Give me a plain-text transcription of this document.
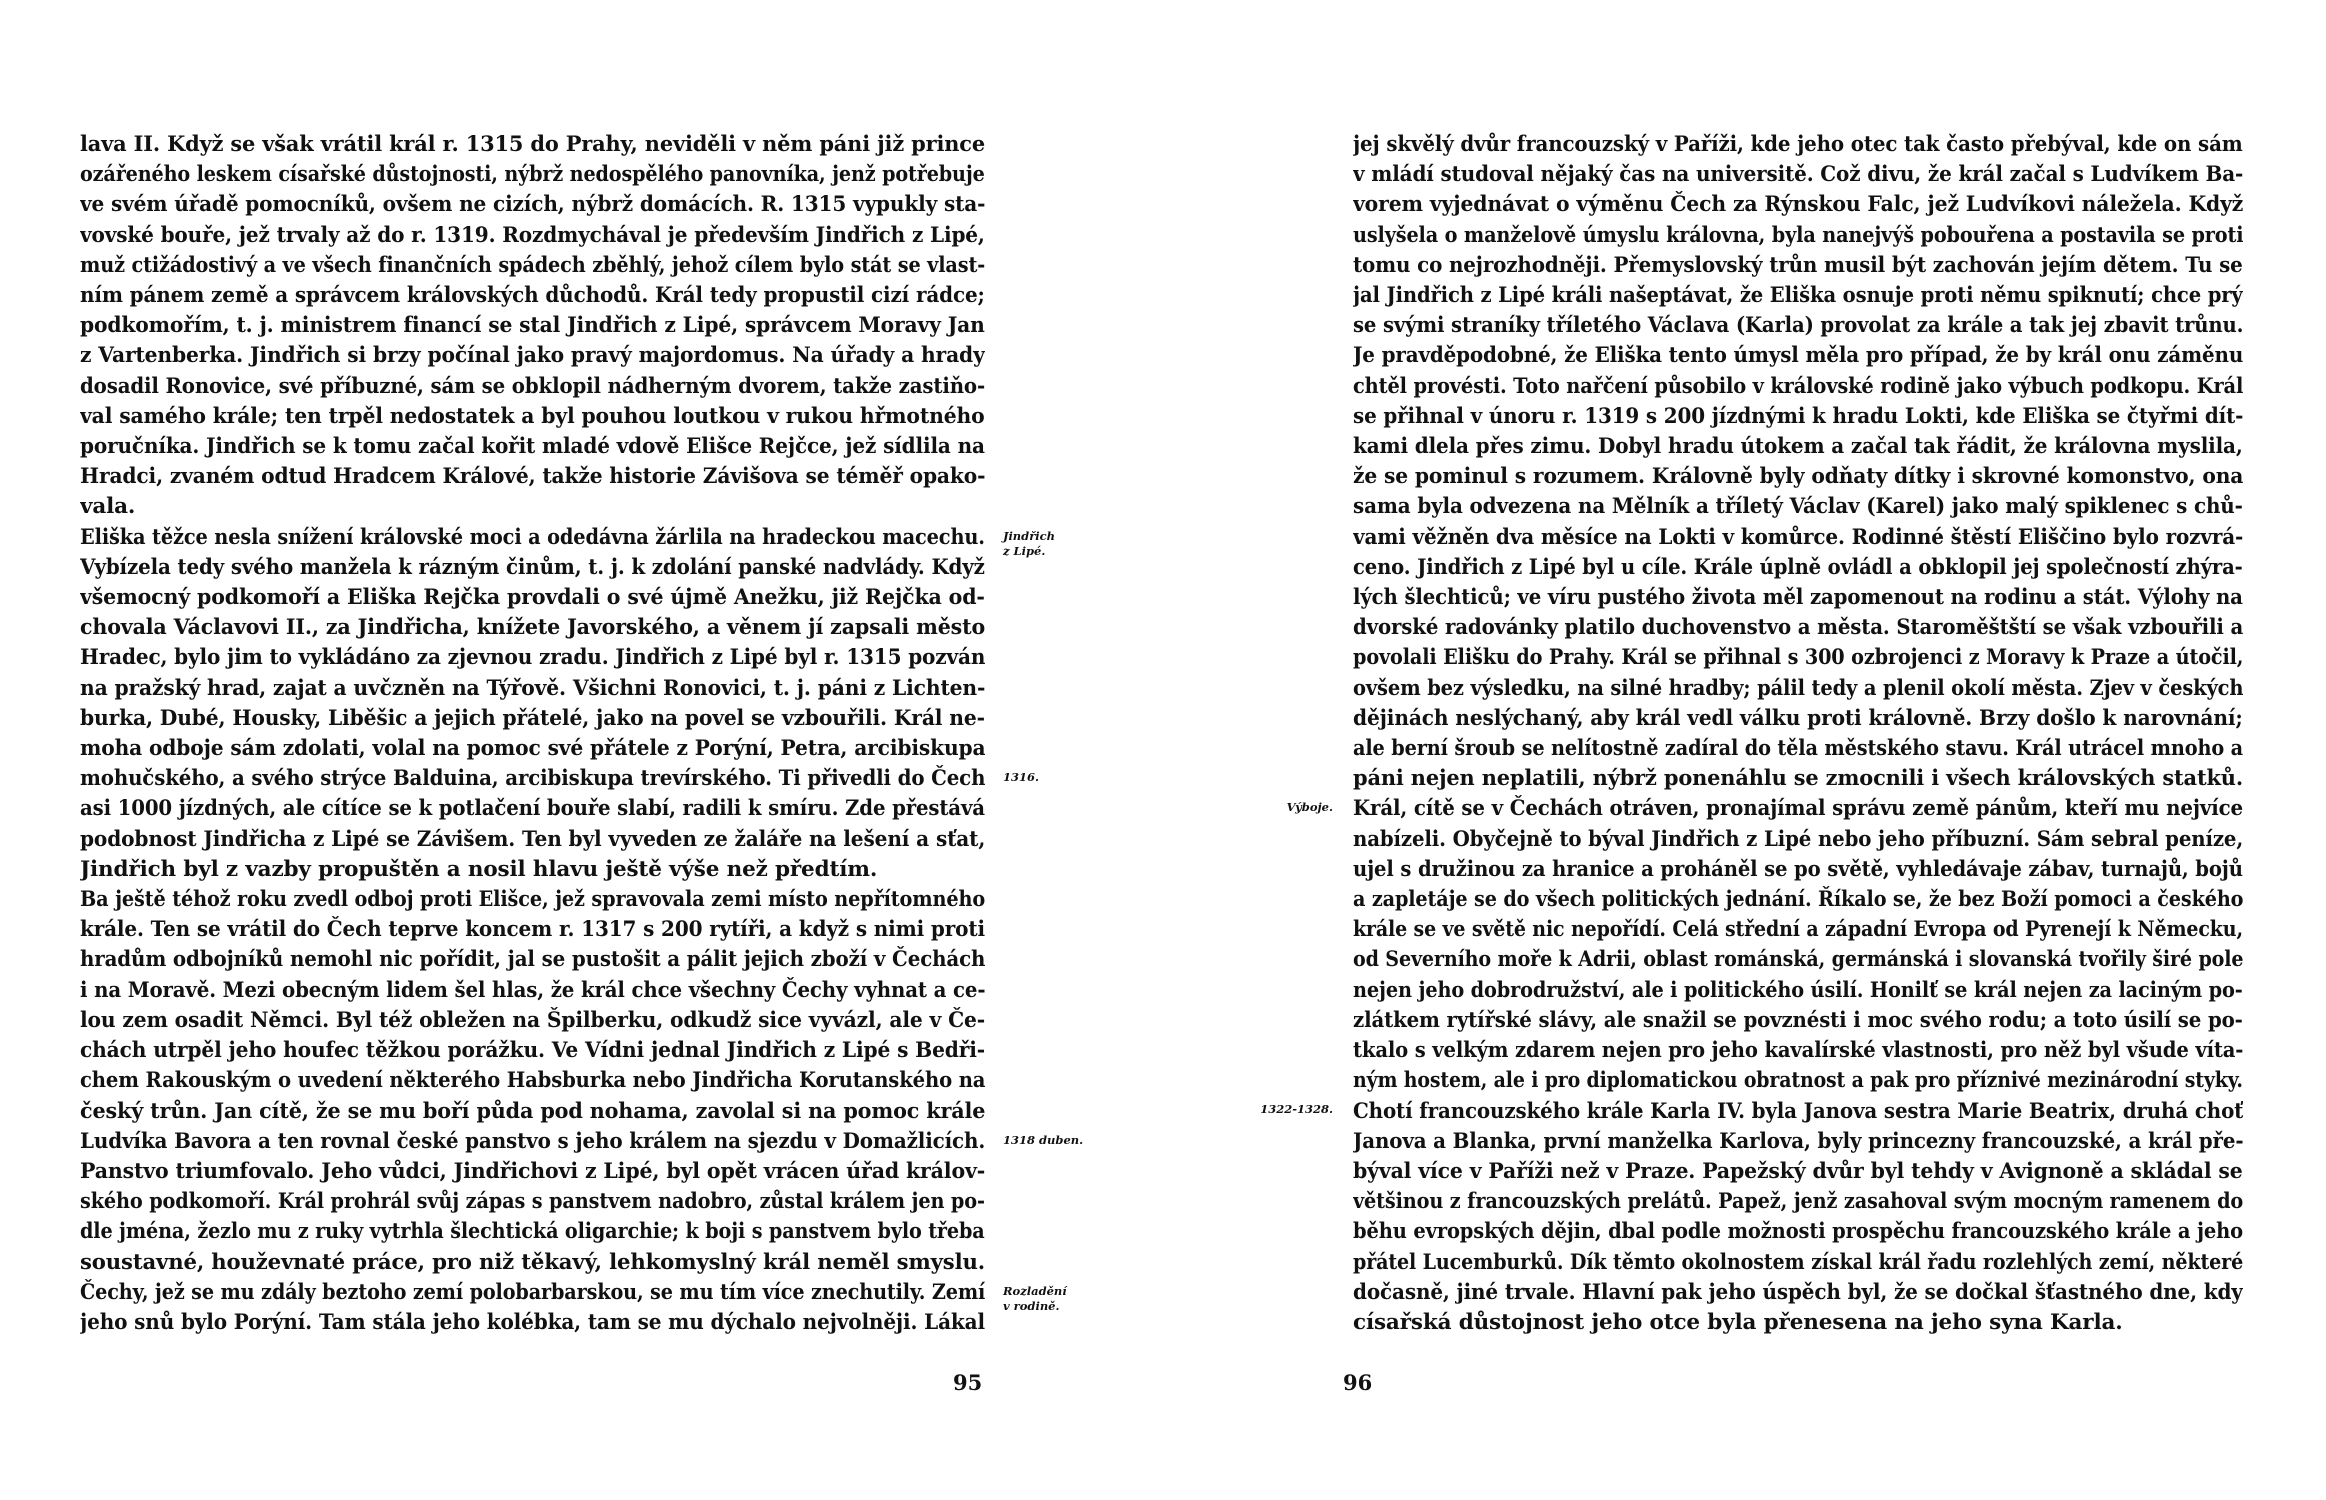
lava II. Když se však vrátil král r. 1315 do Prahy, neviděli v něm páni již prince
ozářeného leskem císařské důstojnosti, nýbrž nedospělého panovníka, jenž potřebuje
ve svém úřadě pomocníků, ovšem ne cizích, nýbrž domácích. R. 1315 vypukly sta-
vovské bouře, jež trvaly až do r. 1319. Rozdmychával je především Jindřich z Lipé,
muž ctižádostivý a ve všech finančních spádech zběhlý, jehož cílem bylo stát se vlast-
ním pánem země a správcem královských důchodů. Král tedy propustil cizí rádce;
podkomořím, t. j. ministrem financí se stal Jindřich z Lipé, správcem Moravy Jan
z Vartenberka. Jindřich si brzy počínal jako pravý majordomus. Na úřady a hrady
dosadil Ronovice, své příbuzné, sám se obklopil nádherným dvorem, takže zastiňo-
val samého krále; ten trpěl nedostatek a byl pouhou loutkou v rukou hřmotného
poručníka. Jindřich se k tomu začal kořit mladé vdově Elišce Rejčce, jež sídlila na
Hradci, zvaném odtud Hradcem Králové, takže historie Závišova se téměř opako-
vala.
Eliška těžce nesla snížení královské moci a odedávna žárlila na hradeckou macechu.
Vybízela tedy svého manžela k rázným činům, t. j. k zdolání panské nadvlády. Když
všemocný podkomoří a Eliška Rejčka provdali o své újmě Anežku, již Rejčka od-
chovala Václavovi II., za Jindřicha, knížete Javorského, a věnem jí zapsali město
Hradec, bylo jim to vykládáno za zjevnou zradu. Jindřich z Lipé byl r. 1315 pozván
na pražský hrad, zajat a uvčzněn na Týřově. Všichni Ronovici, t. j. páni z Lichten-
burka, Dubé, Housky, Liběšic a jejich přátelé, jako na povel se vzbouřili. Král ne-
moha odboje sám zdolati, volal na pomoc své přátele z Porýní, Petra, arcibiskupa
mohučského, a svého strýce Balduina, arcibiskupa trevírského. Ti přivedli do Čech
asi 1000 jízdných, ale cítíce se k potlačení bouře slabí, radili k smíru. Zde přestává
podobnost Jindřicha z Lipé se Závišem. Ten byl vyveden ze žaláře na lešení a sťat,
Jindřich byl z vazby propuštěn a nosil hlavu ještě výše než předtím.
Ba ještě téhož roku zvedl odboj proti Elišce, jež spravovala zemi místo nepřítomného
krále. Ten se vrátil do Čech teprve koncem r. 1317 s 200 rytíři, a když s nimi proti
hradům odbojníků nemohl nic pořídit, jal se pustošit a pálit jejich zboží v Čechách
i na Moravě. Mezi obecným lidem šel hlas, že král chce všechny Čechy vyhnat a ce-
lou zem osadit Němci. Byl též obležen na Špilberku, odkudž sice vyvázl, ale v Če-
chách utrpěl jeho houfec těžkou porážku. Ve Vídni jednal Jindřich z Lipé s Bedři-
chem Rakouským o uvedení některého Habsburka nebo Jindřicha Korutanského na
český trůn. Jan cítě, že se mu boří půda pod nohama, zavolal si na pomoc krále
Ludvíka Bavora a ten rovnal české panstvo s jeho králem na sjezdu v Domažlicích.
Panstvo triumfovalo. Jeho vůdci, Jindřichovi z Lipé, byl opět vrácen úřad králov-
ského podkomoří. Král prohrál svůj zápas s panstvem nadobro, zůstal králem jen po-
dle jména, žezlo mu z ruky vytrhla šlechtická oligarchie; k boji s panstvem bylo třeba
soustavné, houževnaté práce, pro niž těkavý, lehkomyslný král neměl smyslu.
Čechy, jež se mu zdály beztoho zemí polobarbarskou, se mu tím více znechutily. Zemí
jeho snů bylo Porýní. Tam stála jeho kolébka, tam se mu dýchalo nejvolněji. Lákal
Jindřich
z Lipé.
1316.
1318 duben.
Rozladění
v rodině.
95
jej skvělý dvůr francouzský v Paříži, kde jeho otec tak často přebýval, kde on sám
v mládí studoval nějaký čas na universitě. Což divu, že král začal s Ludvíkem Ba-
vorem vyjednávat o výměnu Čech za Rýnskou Falc, jež Ludvíkovi náležela. Když
uslyšela o manželově úmyslu královna, byla nanejvýš pobouřena a postavila se proti
tomu co nejrozhodněji. Přemyslovský trůn musil být zachován jejím dětem. Tu se
jal Jindřich z Lipé králi našeptávat, že Eliška osnuje proti němu spiknutí; chce prý
se svými straníky tříletého Václava (Karla) provolat za krále a tak jej zbavit trůnu.
Je pravděpodobné, že Eliška tento úmysl měla pro případ, že by král onu záměnu
chtěl provésti. Toto nařčení působilo v královské rodině jako výbuch podkopu. Král
se přihnal v únoru r. 1319 s 200 jízdnými k hradu Lokti, kde Eliška se čtyřmi dít-
kami dlela přes zimu. Dobyl hradu útokem a začal tak řádit, že královna myslila,
že se pominul s rozumem. Královně byly odňaty dítky i skrovné komonstvo, ona
sama byla odvezena na Mělník a tříletý Václav (Karel) jako malý spiklenec s chů-
vami věžněn dva měsíce na Lokti v komůrce. Rodinné štěstí Eliščino bylo rozvrá-
ceno. Jindřich z Lipé byl u cíle. Krále úplně ovládl a obklopil jej společností zhýra-
lých šlechticů; ve víru pustého života měl zapomenout na rodinu a stát. Výlohy na
dvorské radovánky platilo duchovenstvo a města. Staroměštští se však vzbouřili a
povolali Elišku do Prahy. Král se přihnal s 300 ozbrojenci z Moravy k Praze a útočil,
ovšem bez výsledku, na silné hradby; pálil tedy a plenil okolí města. Zjev v českých
dějinách neslýchaný, aby král vedl válku proti královně. Brzy došlo k narovnání;
ale berní šroub se nelítostně zadíral do těla městského stavu. Král utrácel mnoho a
páni nejen neplatili, nýbrž ponenáhlu se zmocnili i všech královských statků.
Král, cítě se v Čechách otráven, pronajímal správu země pánům, kteří mu nejvíce
nabízeli. Obyčejně to býval Jindřich z Lipé nebo jeho příbuzní. Sám sebral peníze,
ujel s družinou za hranice a proháněl se po světě, vyhledávaje zábav, turnajů, bojů
a zapletáje se do všech politických jednání. Říkalo se, že bez Boží pomoci a českého
krále se ve světě nic nepořídí. Celá střední a západní Evropa od Pyrenejí k Německu,
od Severního moře k Adrii, oblast románská, germánská i slovanská tvořily širé pole
nejen jeho dobrodružství, ale i politického úsilí. Honilť se král nejen za laciným po-
zlátkem rytířské slávy, ale snažil se povznésti i moc svého rodu; a toto úsilí se po-
tkalo s velkým zdarem nejen pro jeho kavalírské vlastnosti, pro něž byl všude víta-
ným hostem, ale i pro diplomatickou obratnost a pak pro příznivé mezinárodní styky.
Chotí francouzského krále Karla IV. byla Janova sestra Marie Beatrix, druhá choť
Janova a Blanka, první manželka Karlova, byly princezny francouzské, a král pře-
býval více v Paříži než v Praze. Papežský dvůr byl tehdy v Avignoně a skládal se
většinou z francouzských prelátů. Papež, jenž zasahoval svým mocným ramenem do
běhu evropských dějin, dbal podle možnosti prospěchu francouzského krále a jeho
přátel Lucemburků. Dík těmto okolnostem získal král řadu rozlehlých zemí, některé
dočasně, jiné trvale. Hlavní pak jeho úspěch byl, že se dočkal šťastného dne, kdy
císařská důstojnost jeho otce byla přenesena na jeho syna Karla.
Výboje.
1322-1328.
96
